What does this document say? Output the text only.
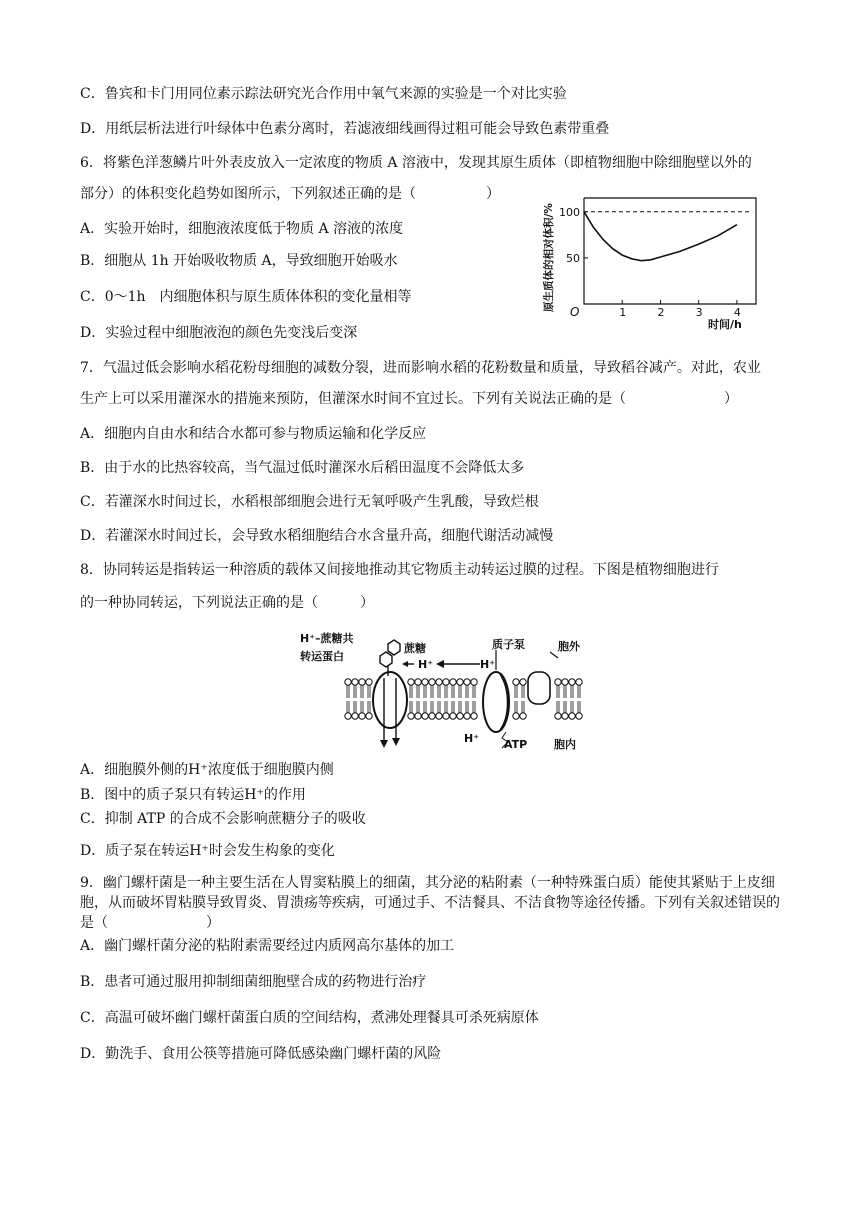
C．鲁宾和卡门用同位素示踪法研究光合作用中氧气来源的实验是一个对比实验
D．用纸层析法进行叶绿体中色素分离时，若滤液细线画得过粗可能会导致色素带重叠
6．将紫色洋葱鳞片叶外表皮放入一定浓度的物质 A 溶液中，发现其原生质体（即植物细胞中除细胞壁以外的
部分）的体积变化趋势如图所示，下列叙述正确的是（　　　　　）
A．实验开始时，细胞液浓度低于物质 A 溶液的浓度
B．细胞从 1h 开始吸收物质 A，导致细胞开始吸水
C．0～1h　内细胞体积与原生质体体积的变化量相等
D．实验过程中细胞液泡的颜色先变浅后变深
原生质体的相对体积/%
1	2	3	4
50
100
O
时间/h
7．气温过低会影响水稻花粉母细胞的减数分裂，进而影响水稻的花粉数量和质量，导致稻谷减产。对此，农业
生产上可以采用灌深水的措施来预防，但灌深水时间不宜过长。下列有关说法正确的是（　　　　　　　）
A．细胞内自由水和结合水都可参与物质运输和化学反应
B．由于水的比热容较高，当气温过低时灌深水后稻田温度不会降低太多
C．若灌深水时间过长，水稻根部细胞会进行无氧呼吸产生乳酸，导致烂根
D．若灌深水时间过长，会导致水稻细胞结合水含量升高，细胞代谢活动减慢
8．协同转运是指转运一种溶质的载体又间接地推动其它物质主动转运过膜的过程。下图是植物细胞进行
的一种协同转运，下列说法正确的是（　　　）
H⁺–蔗糖共
转运蛋白
蔗糖	质子泵	胞外
H⁺	H⁺
H⁺ ATP 胞内
A．细胞膜外侧的H⁺浓度低于细胞膜内侧
B．图中的质子泵只有转运H⁺的作用
C．抑制 ATP 的合成不会影响蔗糖分子的吸收
D．质子泵在转运H⁺时会发生构象的变化
9．幽门螺杆菌是一种主要生活在人胃窦粘膜上的细菌，其分泌的粘附素（一种特殊蛋白质）能使其紧贴于上皮细胞，从而破坏胃粘膜导致胃炎、胃溃疡等疾病，可通过手、不洁餐具、不洁食物等途径传播。下列有关叙述错误的是（　　　　　　　）
A．幽门螺杆菌分泌的粘附素需要经过内质网高尔基体的加工
B．患者可通过服用抑制细菌细胞壁合成的药物进行治疗
C．高温可破坏幽门螺杆菌蛋白质的空间结构，煮沸处理餐具可杀死病原体
D．勤洗手、食用公筷等措施可降低感染幽门螺杆菌的风险
